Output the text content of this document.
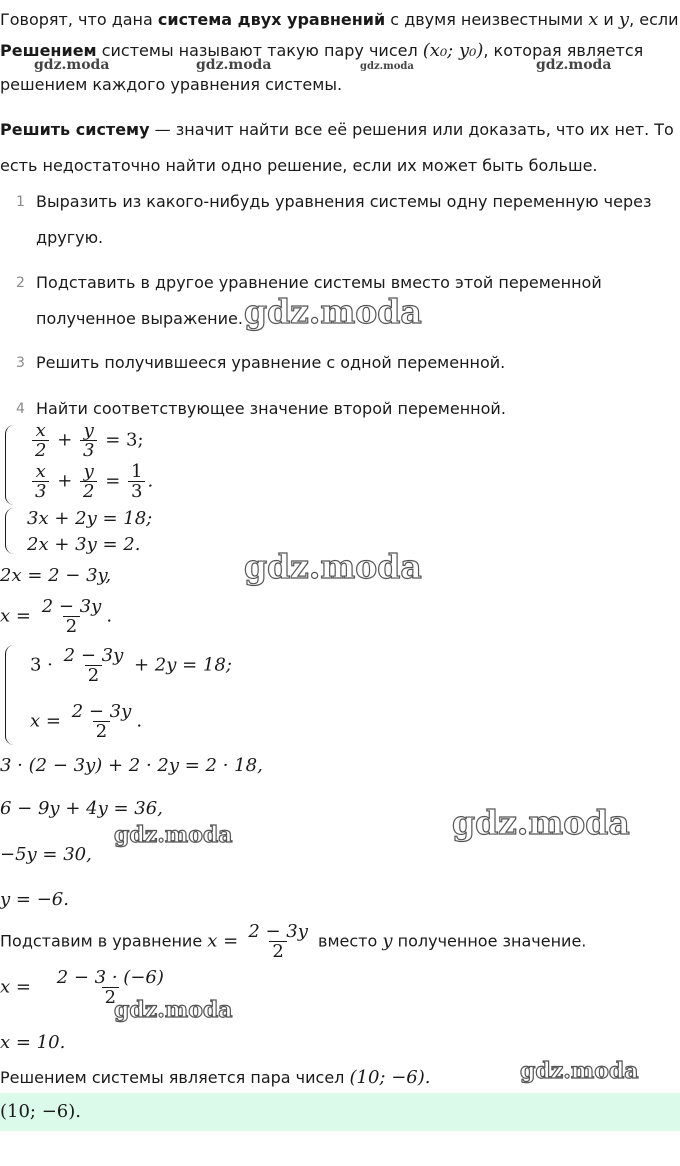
Говорят, что дана система двух уравнений с двумя неизвестными x и y, если
Решением системы называют такую пару чисел (x₀; y₀), которая является
решением каждого уравнения системы.
Решить систему — значит найти все её решения или доказать, что их нет. То
есть недостаточно найти одно решение, если их может быть больше.
1 Выразить из какого-нибудь уравнения системы одну переменную через
другую.
2 Подставить в другое уравнение системы вместо этой переменной
полученное выражение.
3 Решить получившееся уравнение с одной переменной.
4 Найти соответствующее значение второй переменной.
$\frac{x}{2} + \frac{y}{3} = 3$;
$\frac{x}{3} + \frac{y}{2} = \frac{1}{3}$ .
3x + 2y = 18;
2x + 3y = 2.
2x = 2 − 3y,
$x = \frac{2 - 3y}{2}$ .
$3 \cdot \frac{2 - 3y}{2} + 2y = 18$;
$x = \frac{2 - 3y}{2}$ .
3 · (2 − 3y) + 2 · 2y = 2 · 18,
6 − 9y + 4y = 36,
−5y = 30,
y = −6.
Подставим в уравнение $x = \frac{2 - 3y}{2}$ вместо y полученное значение.
$x = \frac{2 - 3 \cdot (-6)}{2}$
x = 10.
Решением системы является пара чисел (10; −6).
(10; −6).
gdz.moda	gdz.moda	gdz.moda	gdz.moda
gdz.moda
gdz.moda
gdz.moda
gdz.moda
gdz.moda
gdz.moda
